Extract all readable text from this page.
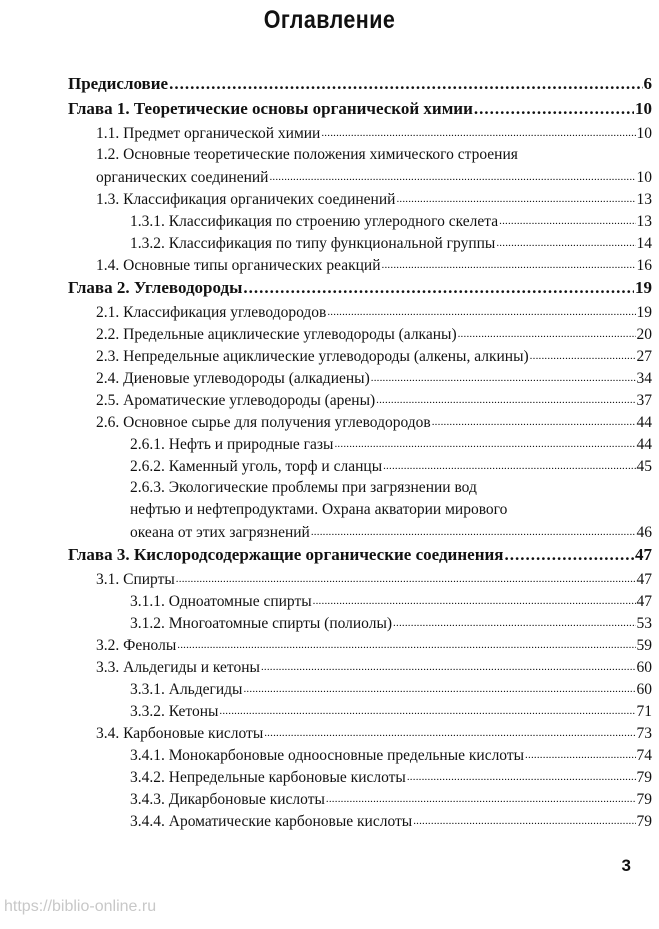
Оглавление
Предисловие .....	6
Глава 1. Теоретические основы органической химии .....	10
1.1. Предмет органической химии .....	10
1.2. Основные теоретические положения химического строения
органических соединений .....	10
1.3. Классификация органичеких соединений .....	13
1.3.1. Классификация по строению углеродного скелета .....	13
1.3.2. Классификация по типу функциональной группы .....	14
1.4. Основные типы органических реакций .....	16
Глава 2. Углеводороды .....	19
2.1. Классификация углеводородов .....	19
2.2. Предельные ациклические углеводороды (алканы) .....	20
2.3. Непредельные ациклические углеводороды (алкены, алкины) .....	27
2.4. Диеновые углеводороды (алкадиены) .....	34
2.5. Ароматические углеводороды (арены) .....	37
2.6. Основное сырье для получения углеводородов .....	44
2.6.1. Нефть и природные газы .....	44
2.6.2. Каменный уголь, торф и сланцы .....	45
2.6.3. Экологические проблемы при загрязнении вод
нефтью и нефтепродуктами. Охрана акватории мирового
океана от этих загрязнений .....	46
Глава 3. Кислородсодержащие органические соединения .....	47
3.1. Спирты .....	47
3.1.1. Одноатомные спирты .....	47
3.1.2. Многоатомные спирты (полиолы) .....	53
3.2. Фенолы .....	59
3.3. Альдегиды и кетоны .....	60
3.3.1. Альдегиды .....	60
3.3.2. Кетоны .....	71
3.4. Карбоновые кислоты .....	73
3.4.1. Монокарбоновые одноосновные предельные кислоты .....	74
3.4.2. Непредельные карбоновые кислоты .....	79
3.4.3. Дикарбоновые кислоты .....	79
3.4.4. Ароматические карбоновые кислоты .....	79
3
https://biblio-online.ru
